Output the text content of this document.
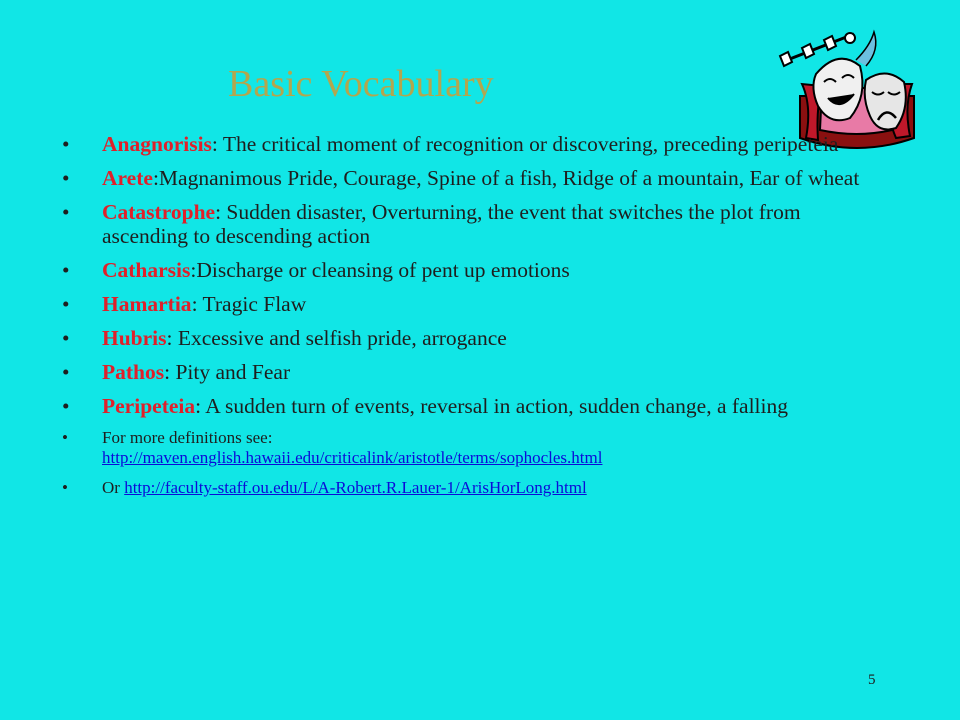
Basic Vocabulary
• Anagnorisis: The critical moment of recognition or discovering, preceding peripeteia
• Arete:Magnanimous Pride, Courage, Spine of a fish, Ridge of a mountain, Ear of wheat
• Catastrophe: Sudden disaster, Overturning, the event that switches the plot from ascending to descending action
• Catharsis:Discharge or cleansing of pent up emotions
• Hamartia: Tragic Flaw
• Hubris: Excessive and selfish pride, arrogance
• Pathos: Pity and Fear
• Peripeteia: A sudden turn of events, reversal in action, sudden change, a falling
• For more definitions see:
http://maven.english.hawaii.edu/criticalink/aristotle/terms/sophocles.html
• Or http://faculty-staff.ou.edu/L/A-Robert.R.Lauer-1/ArisHorLong.html
5
